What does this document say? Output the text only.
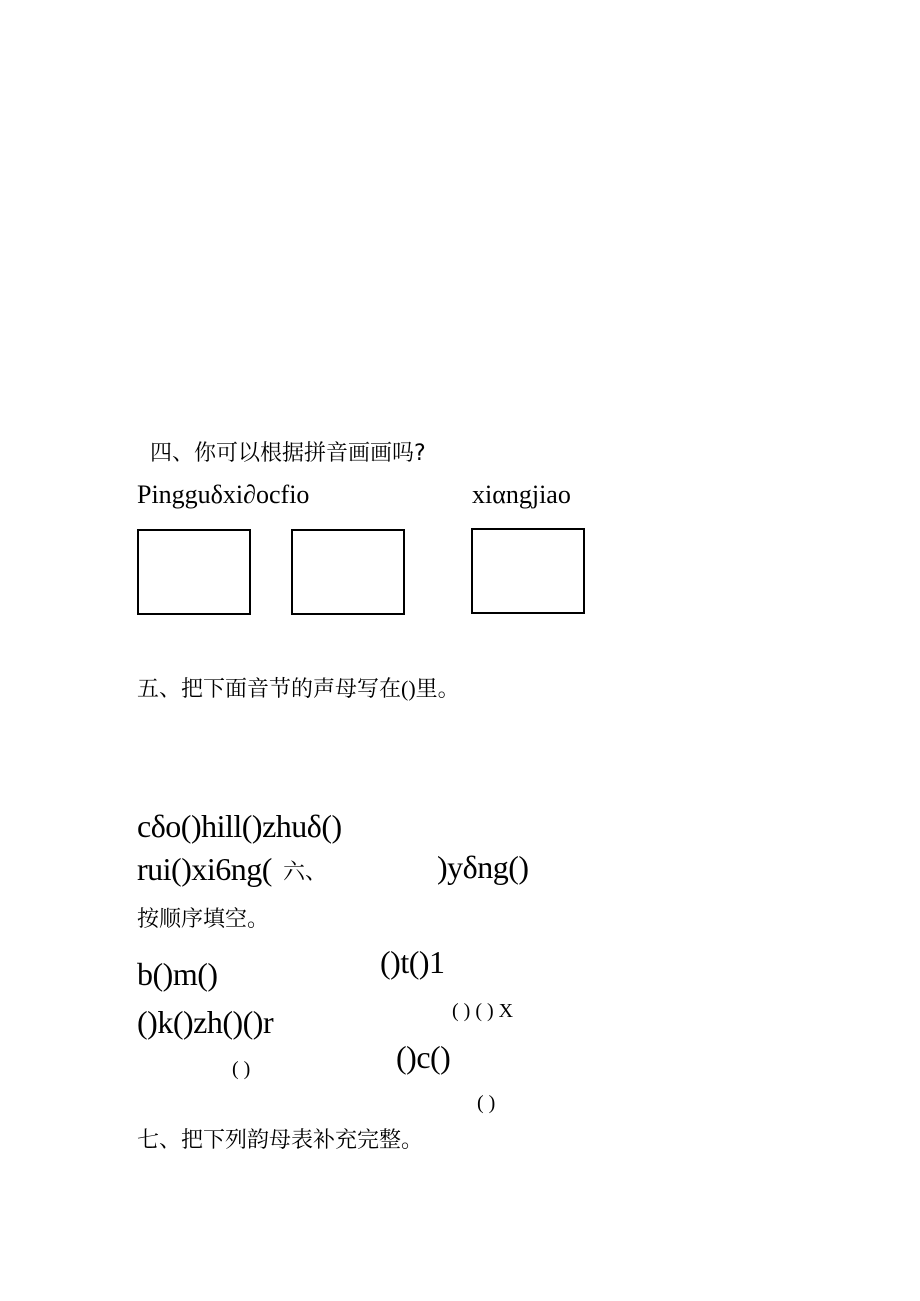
四、你可以根据拼音画画吗?
Pingguδxi∂ocfio	xiαngjiao
五、把下面音节的声母写在()里。
cδo()hill()zhuδ()
rui()xi6ng( 六、	)yδng()
按顺序填空。
b()m()	()t()1
()k()zh()()r	( ) ( ) X
( )	()c()
( )
七、把下列韵母表补充完整。
